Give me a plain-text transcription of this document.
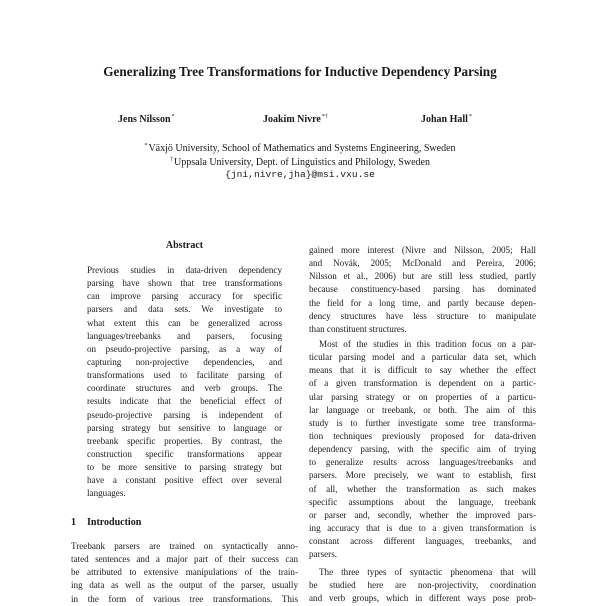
Generalizing Tree Transformations for Inductive Dependency Parsing
Jens Nilsson*	Joakim Nivre*†	Johan Hall*
*Växjö University, School of Mathematics and Systems Engineering, Sweden
†Uppsala University, Dept. of Linguistics and Philology, Sweden
{jni,nivre,jha}@msi.vxu.se
Abstract
Previous studies in data-driven dependency
parsing have shown that tree transformations
can improve parsing accuracy for specific
parsers and data sets. We investigate to
what extent this can be generalized across
languages/treebanks and parsers, focusing
on pseudo-projective parsing, as a way of
capturing non-projective dependencies, and
transformations used to facilitate parsing of
coordinate structures and verb groups. The
results indicate that the beneficial effect of
pseudo-projective parsing is independent of
parsing strategy but sensitive to language or
treebank specific properties. By contrast, the
construction specific transformations appear
to be more sensitive to parsing strategy but
have a constant positive effect over several
languages.
1 Introduction
Treebank parsers are trained on syntactically anno-
tated sentences and a major part of their success can
be attributed to extensive manipulations of the train-
ing data as well as the output of the parser, usually
in the form of various tree transformations. This
gained more interest (Nivre and Nilsson, 2005; Hall
and Novák, 2005; McDonald and Pereira, 2006;
Nilsson et al., 2006) but are still less studied, partly
because constituency-based parsing has dominated
the field for a long time, and partly because depen-
dency structures have less structure to manipulate
than constituent structures.
Most of the studies in this tradition focus on a par-
ticular parsing model and a particular data set, which
means that it is difficult to say whether the effect
of a given transformation is dependent on a partic-
ular parsing strategy or on properties of a particu-
lar language or treebank, or both. The aim of this
study is to further investigate some tree transforma-
tion techniques previously proposed for data-driven
dependency parsing, with the specific aim of trying
to generalize results across languages/treebanks and
parsers. More precisely, we want to establish, first
of all, whether the transformation as such makes
specific assumptions about the language, treebank
or parser and, secondly, whether the improved pars-
ing accuracy that is due to a given transformation is
constant across different languages, treebanks, and
parsers.
The three types of syntactic phenomena that will
be studied here are non-projectivity, coordination
and verb groups, which in different ways pose prob-
